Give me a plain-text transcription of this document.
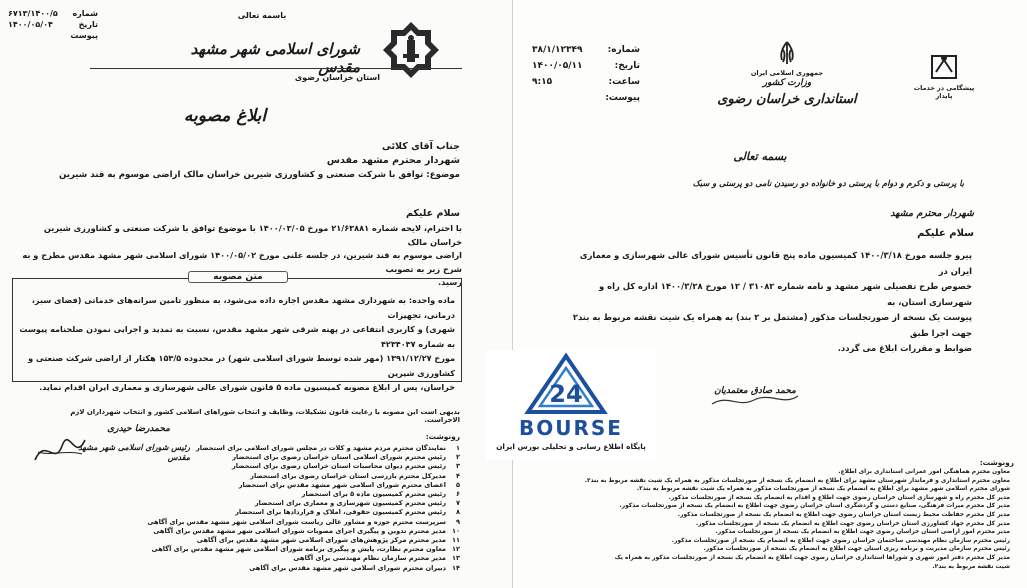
شماره
۶۷۱۳/۱۴۰۰/۵
تاریخ
۱۴۰۰/۰۵/۰۴
پیوست

باسمه تعالی
شورای اسلامی شهر مشهد مقدس
استان خراسان رضوی
ابلاغ مصوبه
جناب آقای کلائی
شهردار محترم مشهد مقدس
موضوع: توافق با شرکت صنعتی و کشاورزی شیرین خراسان مالک اراضی موسوم به قند شیرین
سلام علیکم
با احترام، لایحه شماره ۲۱/۶۳۸۸۱ مورخ ۱۴۰۰/۰۳/۰۵ با موضوع توافق با شرکت صنعتی و کشاورزی شیرین خراسان مالک
اراضی موسوم به قند شیرین، در جلسه علنی مورخ ۱۴۰۰/۰۵/۰۲ شورای اسلامی شهر مشهد مقدس مطرح و به شرح زیر به تصویب
رسید.
متن مصوبه
ماده واحده: به شهرداری مشهد مقدس اجازه داده می‌شود، به منظور تامین سرانه‌های خدماتی (فضای سبز، درمانی، تجهیزات
شهری) و کاربری انتفاعی در پهنه شرقی شهر مشهد مقدس، نسبت به تمدید و اجرایی نمودن صلحنامه پیوست به شماره ۴۲۳۴۰۳۷
مورخ ۱۳۹۱/۱۲/۲۷ (مهر شده توسط شورای اسلامی شهر) در محدوده ۱۵۳/۵ هکتار از اراضی شرکت صنعتی و کشاورزی شیرین
خراسان، پس از ابلاغ مصوبه کمیسیون ماده ۵ قانون شورای عالی شهرسازی و معماری ایران اقدام نماید.
بدیهی است این مصوبه با رعایت قانون تشکیلات، وظایف و انتخاب شوراهای اسلامی کشور و انتخاب شهرداران لازم الاجراست.
محمدرضا حیدری
رئیس شورای اسلامی شهر مشهد مقدس
رونوشت:
۱نمایندگان محترم مردم مشهد و کلات در مجلس شورای اسلامی برای استحضار
۲رئیس محترم شورای اسلامی استان خراسان رضوی برای استحضار
۳رئیس محترم دیوان محاسبات استان خراسان رضوی برای استحضار
۴مدیرکل محترم بازرسی استان خراسان رضوی برای استحضار
۵اعضای محترم شورای اسلامی شهر مشهد مقدس برای استحضار
۶رئیس محترم کمیسیون ماده ۵ برای استحضار
۷رئیس محترم کمیسیون شهرسازی و معماری برای استحضار
۸رئیس محترم کمیسیون حقوقی، املاک و قراردادها برای استحضار
۹سرپرست محترم حوزه و مشاور عالی ریاست شورای اسلامی شهر مشهد مقدس برای آگاهی
۱۰مدیر محترم تدوین و پیگیری اجرای مصوبات شورای اسلامی شهر مشهد مقدس برای آگاهی
۱۱مدیر محترم مرکز پژوهش‌های شورای اسلامی شهر مشهد مقدس برای آگاهی
۱۲معاون محترم نظارت، پایش و پیگیری برنامه شورای اسلامی شهر مشهد مقدس برای آگاهی
۱۳مدیر محترم سازمان نظام مهندسی برای آگاهی
۱۴دبیران محترم شورای اسلامی شهر مشهد مقدس برای آگاهی
شماره:
۳۸/۱/۱۲۳۴۹
تاریخ:
۱۴۰۰/۰۵/۱۱
ساعت:
۹:۱۵
پیوست:

جمهوری اسلامی ایران
وزارت کشور
استانداری خراسان رضوی
پیشگامی در خدمات پایدار
بسمه تعالی
با پرستی و دکرم و دوام با پرستی دو خانواده دو رسیدن نامی دو پرستی و سبک
شهردار محترم مشهد
سلام علیکم
پیرو جلسه مورخ ۱۴۰۰/۳/۱۸ کمیسیون ماده پنج قانون تأسیس شورای عالی شهرسازی و معماری ایران در
خصوص طرح تفصیلی شهر مشهد و نامه شماره ۳۱۰۸۲ / ۱۲ مورخ ۱۴۰۰/۳/۲۸ اداره کل راه و شهرسازی استان، به
پیوست یک نسخه از صورتجلسات مذکور (مشتمل بر ۲ بند) به همراه یک شیت نقشه مربوط به بند۲ جهت اجرا طبق
ضوابط و مقررات ابلاغ می گردد.
محمد صادق معتمدیان
رونوشت:
معاون محترم هماهنگی امور عمرانی استانداری برای اطلاع.
معاون محترم استانداری و فرماندار شهرستان مشهد برای اطلاع به انضمام یک نسخه از صورتجلسات مذکور به همراه یک شیت نقشه مربوط به بند۲.
شورای محترم اسلامی شهر مشهد برای اطلاع به انضمام یک نسخه از صورتجلسات مذکور به همراه یک شیت نقشه مربوط به بند۲.
مدیر کل محترم راه و شهرسازی استان خراسان رضوی جهت اطلاع و اقدام به انضمام یک نسخه از صورتجلسات مذکور.
مدیر کل محترم میراث فرهنگی، صنایع دستی و گردشگری استان خراسان رضوی جهت اطلاع به انضمام یک نسخه از صورتجلسات مذکور.
مدیر کل محترم حفاظت محیط زیست استان خراسان رضوی جهت اطلاع به انضمام یک نسخه از صورتجلسات مذکور.
مدیر کل محترم جهاد کشاورزی استان خراسان رضوی جهت اطلاع به انضمام یک نسخه از صورتجلسات مذکور.
مدیر محترم امور اراضی استان خراسان رضوی جهت اطلاع به انضمام یک نسخه از صورتجلسات مذکور.
رئیس محترم سازمان نظام مهندسی ساختمان خراسان رضوی جهت اطلاع به انضمام یک نسخه از صورتجلسات مذکور.
رئیس محترم سازمان مدیریت و برنامه ریزی استان جهت اطلاع به انضمام یک نسخه از صورتجلسات مذکور.
مدیر کل محترم دفتر امور شهری و شوراها استانداری خراسان رضوی جهت اطلاع به انضمام یک نسخه از صورتجلسات مذکور به همراه یک
شیت نقشه مربوط به بند۲.
24
BOURSE
پایگاه اطلاع رسانی و تحلیلی بورس ایران
